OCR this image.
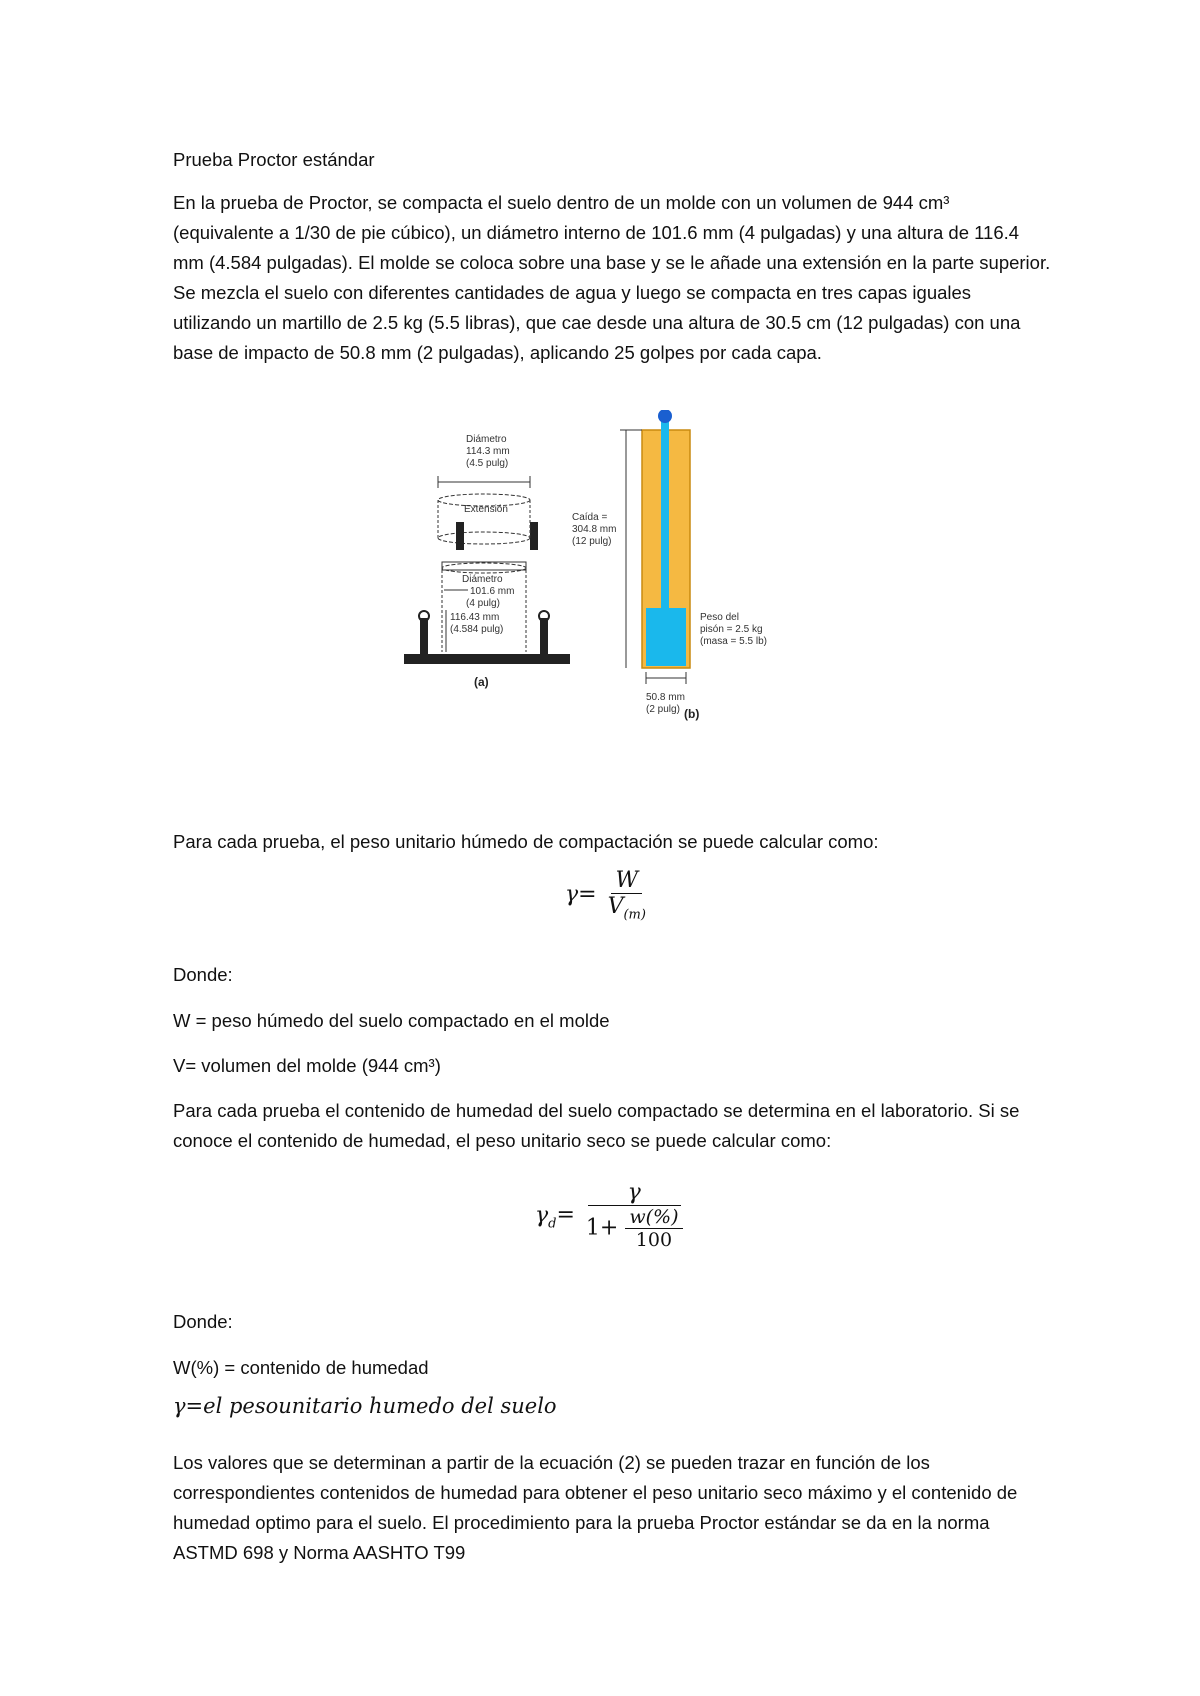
Prueba Proctor estándar

En la prueba de Proctor, se compacta el suelo dentro de un molde con un volumen de 944 cm³ (equivalente a 1/30 de pie cúbico), un diámetro interno de 101.6 mm (4 pulgadas) y una altura de 116.4 mm (4.584 pulgadas). El molde se coloca sobre una base y se le añade una extensión en la parte superior. Se mezcla el suelo con diferentes cantidades de agua y luego se compacta en tres capas iguales utilizando un martillo de 2.5 kg (5.5 libras), que cae desde una altura de 30.5 cm (12 pulgadas) con una base de impacto de 50.8 mm (2 pulgadas), aplicando 25 golpes por cada capa.

Diámetro
114.3 mm
(4.5 pulg)
Extensión
Diámetro
101.6 mm
(4 pulg)
116.43 mm
(4.584 pulg)
(a)
Caída =
304.8 mm
(12 pulg)
Peso del
pisón = 2.5 kg
(masa = 5.5 lb)
50.8 mm
(2 pulg) (b)

Para cada prueba, el peso unitario húmedo de compactación se puede calcular como:

$\gamma= \frac{W}{V_{(m)}}$

Donde:

W = peso húmedo del suelo compactado en el molde

V= volumen del molde (944 cm³)

Para cada prueba el contenido de humedad del suelo compactado se determina en el laboratorio. Si se conoce el contenido de humedad, el peso unitario seco se puede calcular como:

$\gamma_d= \frac{\gamma}{1+ \frac{w(\%)}{100}}$

Donde:

W(%) = contenido de humedad

γ=el pesounitario humedo del suelo

Los valores que se determinan a partir de la ecuación (2) se pueden trazar en función de los correspondientes contenidos de humedad para obtener el peso unitario seco máximo y el contenido de humedad optimo para el suelo. El procedimiento para la prueba Proctor estándar se da en la norma ASTMD 698 y Norma AASHTO T99
